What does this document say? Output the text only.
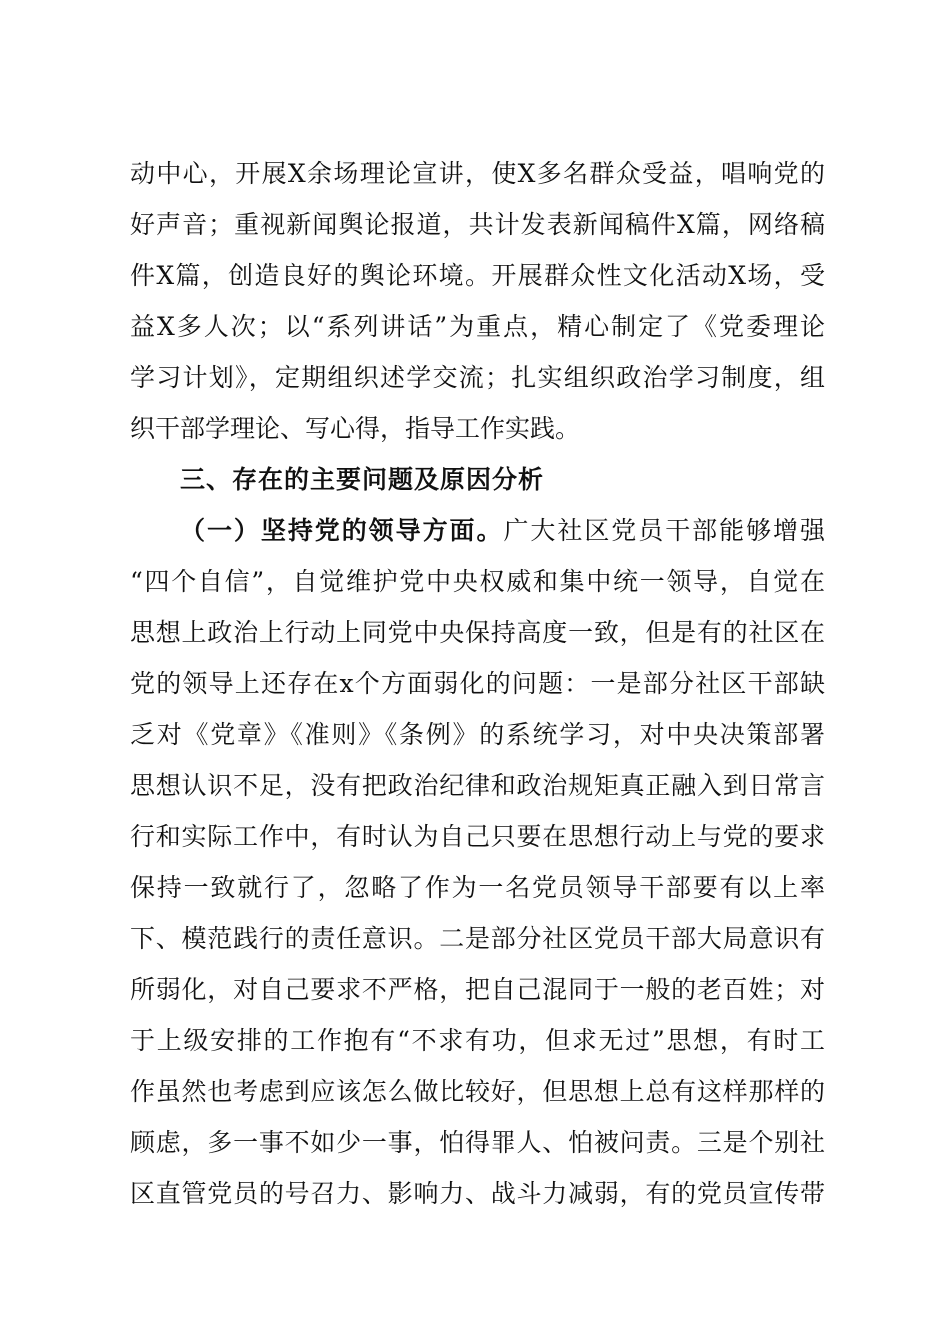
动中心，开展X余场理论宣讲，使X多名群众受益，唱响党的
好声音；重视新闻舆论报道，共计发表新闻稿件X篇，网络稿
件X篇，创造良好的舆论环境。开展群众性文化活动X场，受
益X多人次；以“系列讲话”为重点，精心制定了《党委理论
学习计划》，定期组织述学交流；扎实组织政治学习制度，组
织干部学理论、写心得，指导工作实践。
三、存在的主要问题及原因分析
（一）坚持党的领导方面。广大社区党员干部能够增强
“四个自信”，自觉维护党中央权威和集中统一领导，自觉在
思想上政治上行动上同党中央保持高度一致，但是有的社区在
党的领导上还存在x个方面弱化的问题：一是部分社区干部缺
乏对《党章》《准则》《条例》的系统学习，对中央决策部署
思想认识不足，没有把政治纪律和政治规矩真正融入到日常言
行和实际工作中，有时认为自己只要在思想行动上与党的要求
保持一致就行了，忽略了作为一名党员领导干部要有以上率
下、模范践行的责任意识。二是部分社区党员干部大局意识有
所弱化，对自己要求不严格，把自己混同于一般的老百姓；对
于上级安排的工作抱有“不求有功，但求无过”思想，有时工
作虽然也考虑到应该怎么做比较好，但思想上总有这样那样的
顾虑，多一事不如少一事，怕得罪人、怕被问责。三是个别社
区直管党员的号召力、影响力、战斗力减弱，有的党员宣传带
